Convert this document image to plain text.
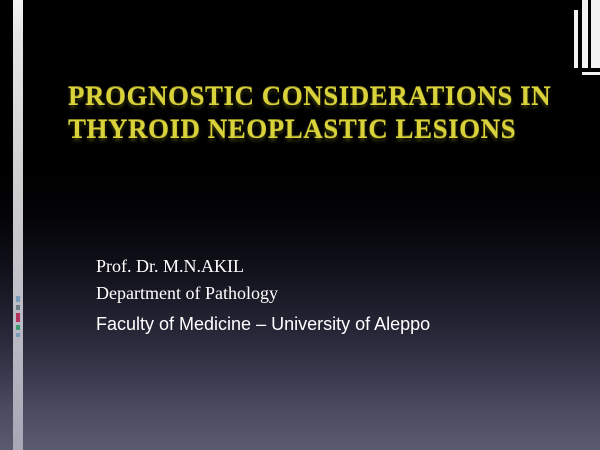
PROGNOSTIC CONSIDERATIONS IN
THYROID NEOPLASTIC LESIONS
Prof. Dr. M.N.AKIL
Department of Pathology
Faculty of Medicine – University of Aleppo
